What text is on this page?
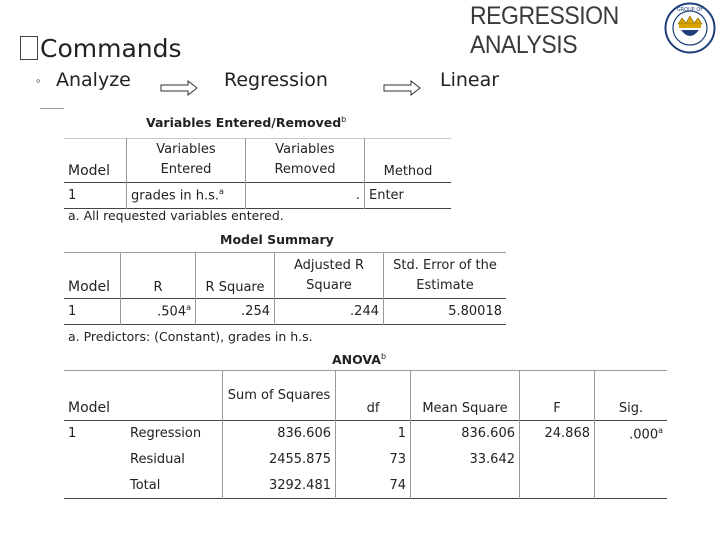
REGRESSION
ANALYSIS
GROUP OF
Commands
◦ Analyze	Regression	Linear
Variables Entered/Removed$^b$
Model	Variables Entered	Variables Removed	Method
1	grades in h.s.$^a$	.	Enter
a. All requested variables entered.
Model Summary
Model	R	R Square	Adjusted R Square	Std. Error of the Estimate
1	.504$^a$	.254	.244	5.80018
a. Predictors: (Constant), grades in h.s.
ANOVA$^b$
Model		Sum of Squares	df	Mean Square	F	Sig.
1	Regression	836.606	1	836.606	24.868	.000$^a$
	Residual	2455.875	73	33.642		
	Total	3292.481	74			
